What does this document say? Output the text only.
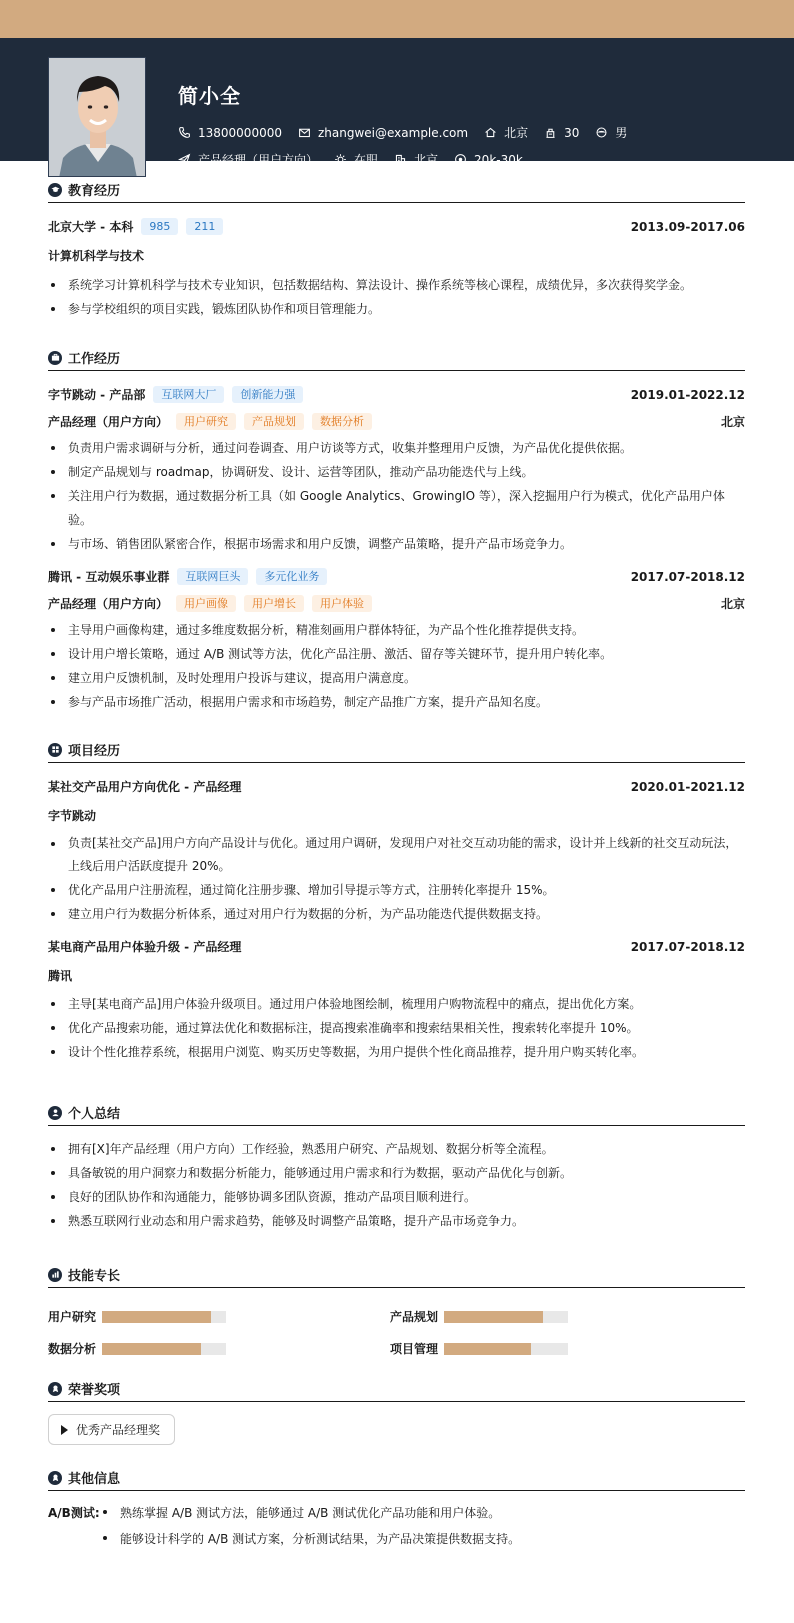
简小全
13800000000	zhangwei@example.com	北京	30	男
产品经理（用户方向）	在职	北京	20k-30k
教育经历
北京大学 - 本科	985	211	2013.09-2017.06
计算机科学与技术
系统学习计算机科学与技术专业知识，包括数据结构、算法设计、操作系统等核心课程，成绩优异，多次获得奖学金。
参与学校组织的项目实践，锻炼团队协作和项目管理能力。
工作经历
字节跳动 - 产品部	互联网大厂	创新能力强	2019.01-2022.12
产品经理（用户方向）	用户研究	产品规划	数据分析	北京
负责用户需求调研与分析，通过问卷调查、用户访谈等方式，收集并整理用户反馈，为产品优化提供依据。
制定产品规划与 roadmap，协调研发、设计、运营等团队，推动产品功能迭代与上线。
关注用户行为数据，通过数据分析工具（如 Google Analytics、GrowingIO 等），深入挖掘用户行为模式，优化产品用户体验。
与市场、销售团队紧密合作，根据市场需求和用户反馈，调整产品策略，提升产品市场竞争力。
腾讯 - 互动娱乐事业群	互联网巨头	多元化业务	2017.07-2018.12
产品经理（用户方向）	用户画像	用户增长	用户体验	北京
主导用户画像构建，通过多维度数据分析，精准刻画用户群体特征，为产品个性化推荐提供支持。
设计用户增长策略，通过 A/B 测试等方法，优化产品注册、激活、留存等关键环节，提升用户转化率。
建立用户反馈机制，及时处理用户投诉与建议，提高用户满意度。
参与产品市场推广活动，根据用户需求和市场趋势，制定产品推广方案，提升产品知名度。
项目经历
某社交产品用户方向优化 - 产品经理	2020.01-2021.12
字节跳动
负责[某社交产品]用户方向产品设计与优化。通过用户调研，发现用户对社交互动功能的需求，设计并上线新的社交互动玩法，上线后用户活跃度提升 20%。
优化产品用户注册流程，通过简化注册步骤、增加引导提示等方式，注册转化率提升 15%。
建立用户行为数据分析体系，通过对用户行为数据的分析，为产品功能迭代提供数据支持。
某电商产品用户体验升级 - 产品经理	2017.07-2018.12
腾讯
主导[某电商产品]用户体验升级项目。通过用户体验地图绘制，梳理用户购物流程中的痛点，提出优化方案。
优化产品搜索功能，通过算法优化和数据标注，提高搜索准确率和搜索结果相关性，搜索转化率提升 10%。
设计个性化推荐系统，根据用户浏览、购买历史等数据，为用户提供个性化商品推荐，提升用户购买转化率。
个人总结
拥有[X]年产品经理（用户方向）工作经验，熟悉用户研究、产品规划、数据分析等全流程。
具备敏锐的用户洞察力和数据分析能力，能够通过用户需求和行为数据，驱动产品优化与创新。
良好的团队协作和沟通能力，能够协调多团队资源，推动产品项目顺利进行。
熟悉互联网行业动态和用户需求趋势，能够及时调整产品策略，提升产品市场竞争力。
技能专长
用户研究	产品规划
数据分析	项目管理
荣誉奖项
优秀产品经理奖
其他信息
A/B测试:	熟练掌握 A/B 测试方法，能够通过 A/B 测试优化产品功能和用户体验。
能够设计科学的 A/B 测试方案，分析测试结果，为产品决策提供数据支持。
